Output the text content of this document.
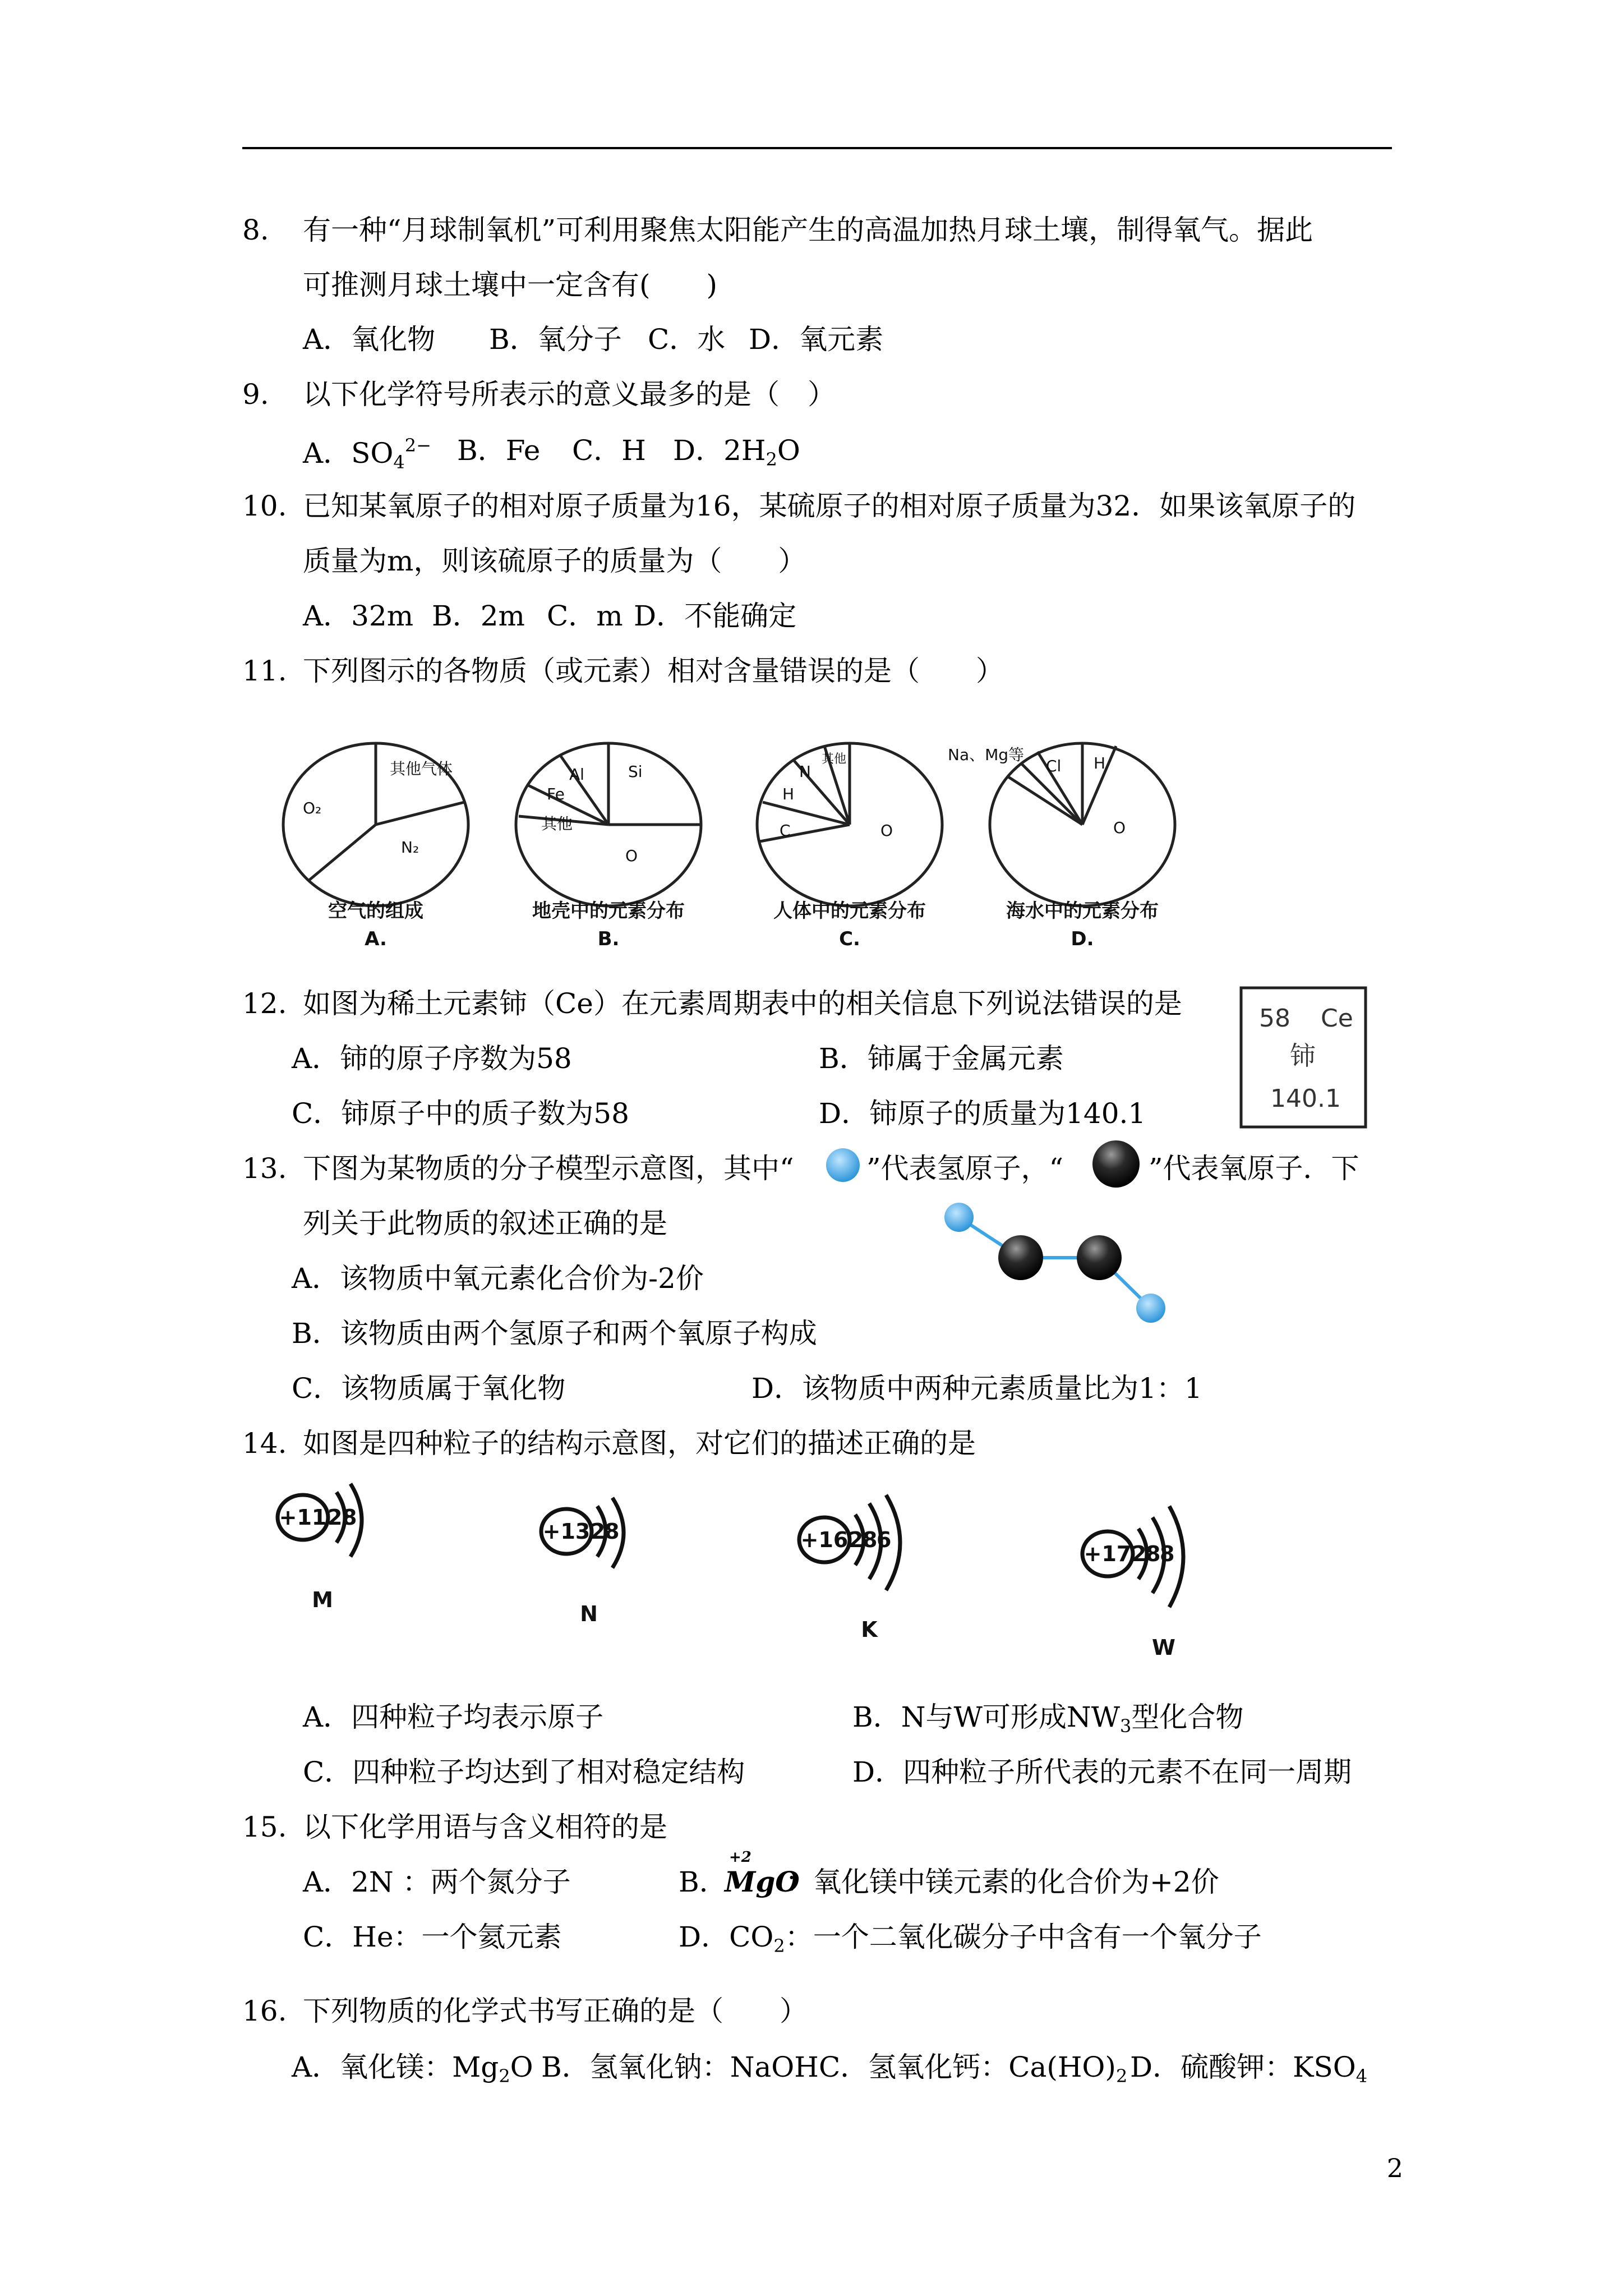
8. 有一种“月球制氧机”可利用聚焦太阳能产生的高温加热月球土壤，制得氧气。据此
可推测月球土壤中一定含有(　　)
A．氧化物 B．氧分子 C．水 D．氧元素
9. 以下化学符号所表示的意义最多的是（　）
A．$SO_4^{2-}$ B．Fe C．H D．$2H_2O$
10. 已知某氧原子的相对原子质量为16，某硫原子的相对原子质量为32．如果该氧原子的
质量为m，则该硫原子的质量为（　　）
A．32m B．2m C．m D．不能确定
11. 下列图示的各物质（或元素）相对含量错误的是（　　）
其他气体
O₂
N₂
Al	Si
Fe
其他
O
其他
N
H
C	O
Na、Mg等
Cl H
O
空气的组成
A.
地壳中的元素分布
B.
人体中的元素分布
C.
海水中的元素分布
D.
12. 如图为稀土元素铈（Ce）在元素周期表中的相关信息下列说法错误的是
A．铈的原子序数为58	B．铈属于金属元素
C．铈原子中的质子数为58	D．铈原子的质量为140.1
58 Ce
铈
140.1
13. 下图为某物质的分子模型示意图，其中“	”代表氢原子，“	”代表氧原子．下
列关于此物质的叙述正确的是
A．该物质中氧元素化合价为-2价
B．该物质由两个氢原子和两个氧原子构成
C．该物质属于氧化物	D．该物质中两种元素质量比为1：1
14. 如图是四种粒子的结构示意图，对它们的描述正确的是
+11 2 8
M
+13 2
8
N
+16 2
8
6
K
+17 2
8
8
W
A．四种粒子均表示原子	B．N与W可形成$NW_3$型化合物
C．四种粒子均达到了相对稳定结构	D．四种粒子所代表的元素不在同一周期
15. 以下化学用语与含义相符的是
A．2N ：两个氮分子	B．
+2
MgO
：氧化镁中镁元素的化合价为+2价
C．He：一个氦元素	D．$CO_2$：一个二氧化碳分子中含有一个氧分子
16. 下列物质的化学式书写正确的是（　　）
A．氧化镁：$Mg_2O$ B．氢氧化钠：NaOH C．氢氧化钙：$Ca(HO)_2$ D．硫酸钾：$KSO_4$
2
